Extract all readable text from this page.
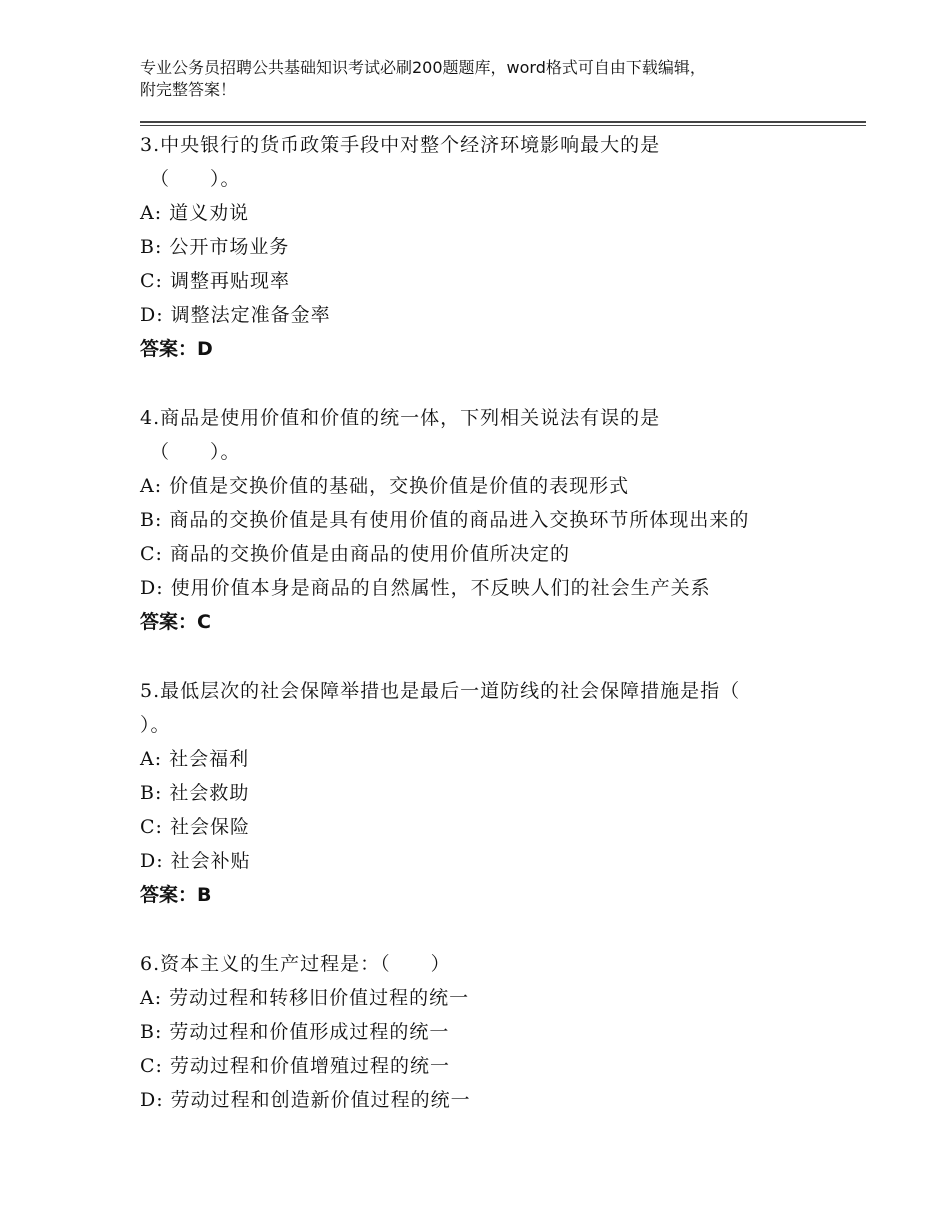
专业公务员招聘公共基础知识考试必刷200题题库，word格式可自由下载编辑，
附完整答案！
3.中央银行的货币政策手段中对整个经济环境影响最大的是
（　　）。
A: 道义劝说
B: 公开市场业务
C: 调整再贴现率
D: 调整法定准备金率
答案：D
4.商品是使用价值和价值的统一体，下列相关说法有误的是
（　　）。
A: 价值是交换价值的基础，交换价值是价值的表现形式
B: 商品的交换价值是具有使用价值的商品进入交换环节所体现出来的
C: 商品的交换价值是由商品的使用价值所决定的
D: 使用价值本身是商品的自然属性，不反映人们的社会生产关系
答案：C
5.最低层次的社会保障举措也是最后一道防线的社会保障措施是指（
）。
A: 社会福利
B: 社会救助
C: 社会保险
D: 社会补贴
答案：B
6.资本主义的生产过程是：（　　）
A: 劳动过程和转移旧价值过程的统一
B: 劳动过程和价值形成过程的统一
C: 劳动过程和价值增殖过程的统一
D: 劳动过程和创造新价值过程的统一
